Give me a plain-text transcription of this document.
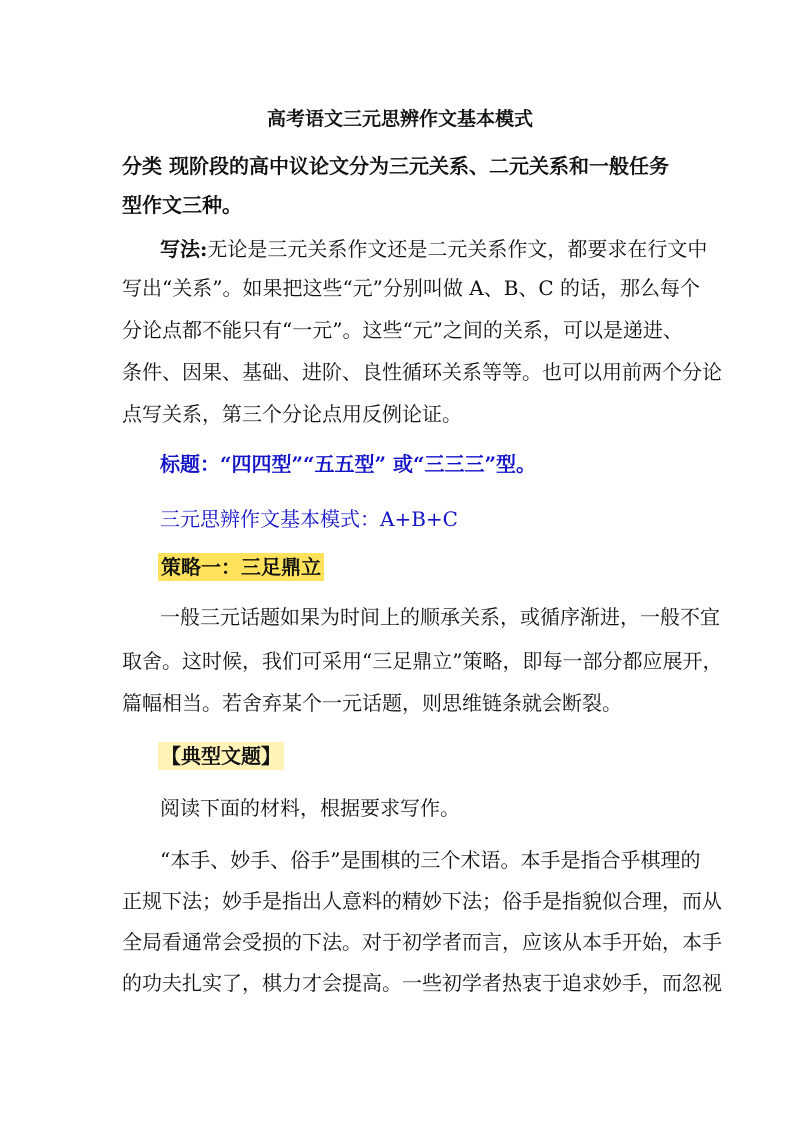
高考语文三元思辨作文基本模式
分类 现阶段的高中议论文分为三元关系、二元关系和一般任务
型作文三种。
写法:无论是三元关系作文还是二元关系作文，都要求在行文中
写出“关系”。如果把这些“元”分别叫做 A、B、C 的话，那么每个
分论点都不能只有“一元”。这些“元”之间的关系，可以是递进、
条件、因果、基础、进阶、良性循环关系等等。也可以用前两个分论
点写关系，第三个分论点用反例论证。
标题：“四四型”“五五型” 或“三三三”型。
三元思辨作文基本模式：A+B+C
策略一：三足鼎立
一般三元话题如果为时间上的顺承关系，或循序渐进，一般不宜
取舍。这时候，我们可采用“三足鼎立”策略，即每一部分都应展开，
篇幅相当。若舍弃某个一元话题，则思维链条就会断裂。
【典型文题】
阅读下面的材料，根据要求写作。
“本手、妙手、俗手”是围棋的三个术语。本手是指合乎棋理的
正规下法；妙手是指出人意料的精妙下法；俗手是指貌似合理，而从
全局看通常会受损的下法。对于初学者而言，应该从本手开始，本手
的功夫扎实了，棋力才会提高。一些初学者热衷于追求妙手，而忽视
